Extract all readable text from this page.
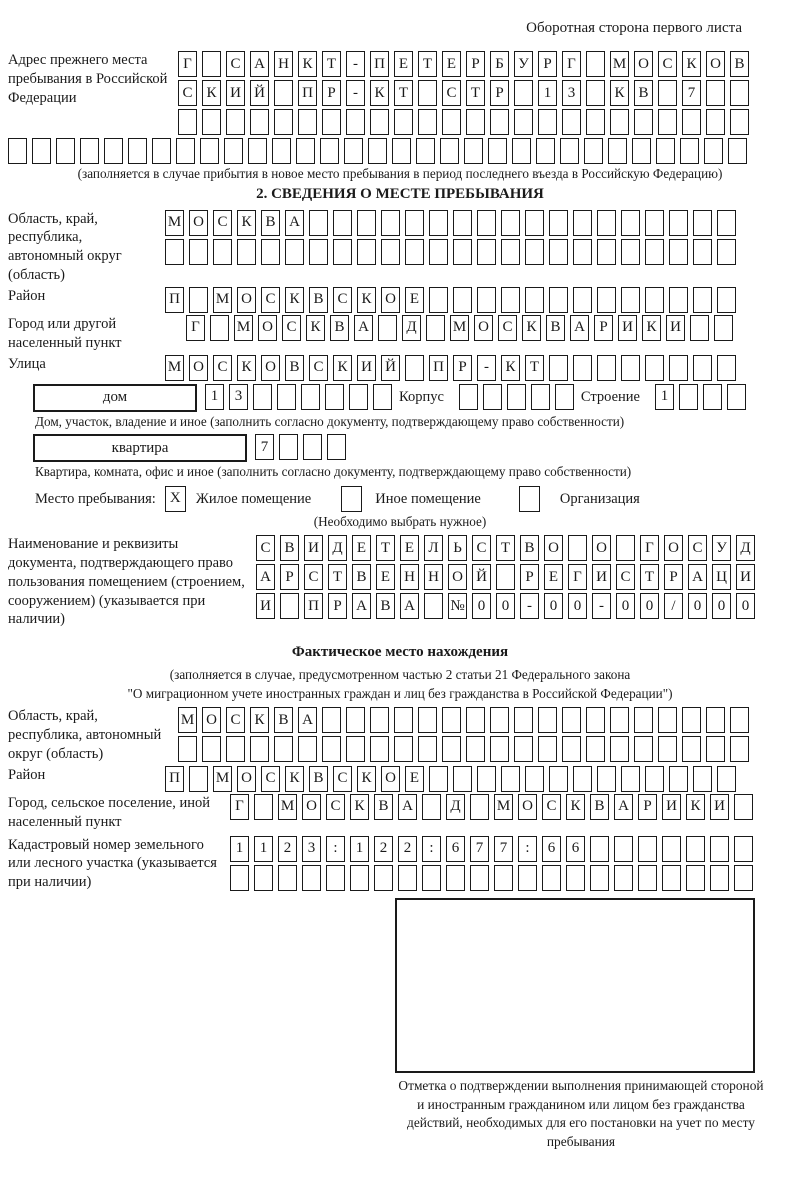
Оборотная сторона первого листа
Адрес прежнего места пребывания в Российской Федерации
Г	С А Н К Т	-	П Е Т Е	Р	Б У Р	Г	М О С К О В
С К И Й П Р	-	К Т	С Т	Р	1	3	К В	7
(заполняется в случае прибытия в новое место пребывания в период последнего въезда в Российскую Федерацию)
2. СВЕДЕНИЯ О МЕСТЕ ПРЕБЫВАНИЯ
Область, край, республика, автономный округ (область)
М О С К В А
Район	П М О С К В С К О Е
Город или другой населенный пункт
Г	М О С К В А Д М О С К В А Р И К И
Улица	М О С К О В С К И Й П Р	-	К Т
дом	1	3	Корпус	Строение	1
Дом, участок, владение и иное (заполнить согласно документу, подтверждающему право собственности)
квартира	7
Квартира, комната, офис и иное (заполнить согласно документу, подтверждающему право собственности)
Место пребывания: X	Жилое помещение	Иное помещение	Организация
(Необходимо выбрать нужное)
Наименование и реквизиты документа, подтверждающего право пользования помещением (строением, сооружением) (указывается при наличии)
С В И Д Е Т Е Л Ь С Т В О О	Г О С У Д
А Р С Т В Е Н Н О Й	Р	Е	Г И С Т	Р А Ц И
И П Р А В А № 0	0	-	0	0	-	0	0	/	0	0	0
Фактическое место нахождения
(заполняется в случае, предусмотренном частью 2 статьи 21 Федерального закона
"О миграционном учете иностранных граждан и лиц без гражданства в Российской Федерации")
Область, край, республика, автономный округ (область)
М О С К В А
Район	П М О С К В С К О Е
Город, сельское поселение, иной населенный пункт
Г	М О С К В А Д М О С К В А Р И К И
Кадастровый номер земельного или лесного участка (указывается при наличии)
1	1	2	3	:	1	2	2	:	6	7	7	:	6	6
Отметка о подтверждении выполнения принимающей стороной и иностранным гражданином или лицом без гражданства действий, необходимых для его постановки на учет по месту пребывания
